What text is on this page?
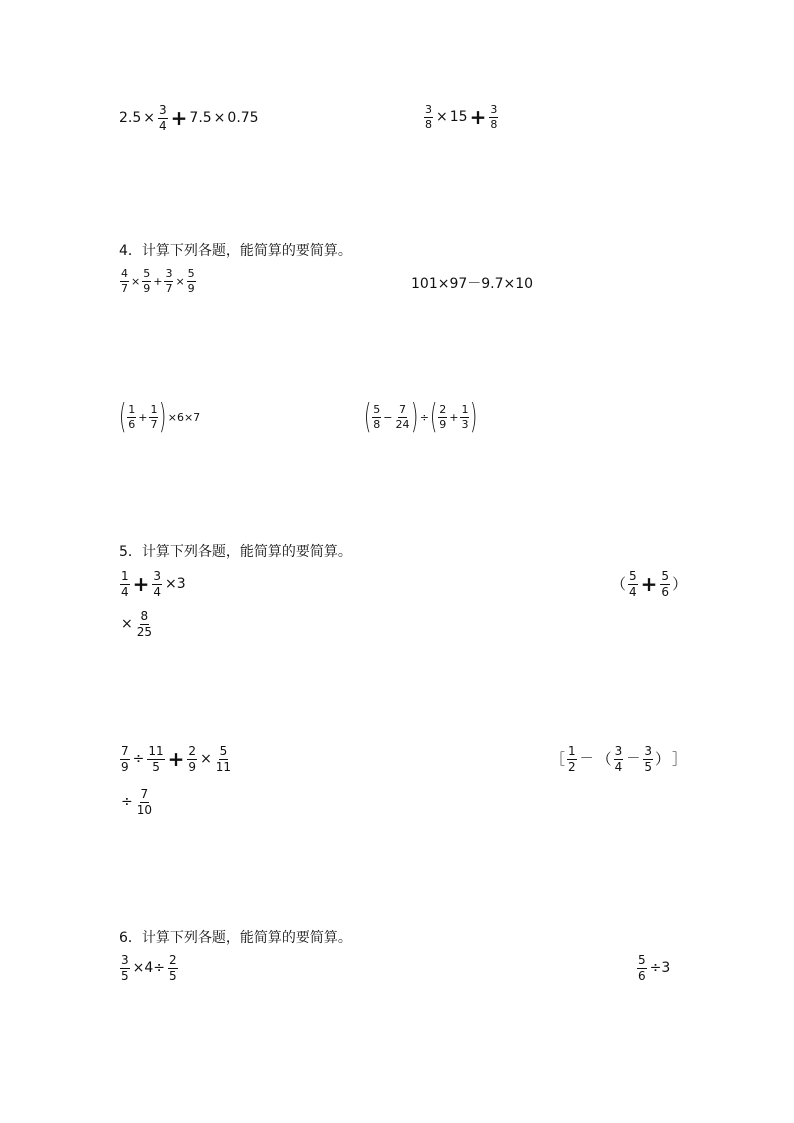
$2.5 \times \frac{3}{4} + 7.5 \times 0.75$	$\frac{3}{8} \times 15 + \frac{3}{8}$
4．计算下列各题，能简算的要简算。
$\frac{4}{7} \times \frac{5}{9} + \frac{3}{7} \times \frac{5}{9}$	101×97－9.7×10
( $\frac{1}{6} + \frac{1}{7}$ ) ×6×7	( $\frac{5}{8} - \frac{7}{24}$ ) ÷ ( $\frac{2}{9} + \frac{1}{3}$ )
5．计算下列各题，能简算的要简算。
$\frac{1}{4} + \frac{3}{4} \times 3$	（ $\frac{5}{4} + \frac{5}{6}$ ）
× $\frac{8}{25}$
$\frac{7}{9} \div \frac{11}{5} + \frac{2}{9} \times \frac{5}{11}$	［ $\frac{1}{2}$ － （ $\frac{3}{4} - \frac{3}{5}$ ） ］
÷ $\frac{7}{10}$
6．计算下列各题，能简算的要简算。
$\frac{3}{5} \times 4\div \frac{2}{5}$	$\frac{5}{6} \div 3$
